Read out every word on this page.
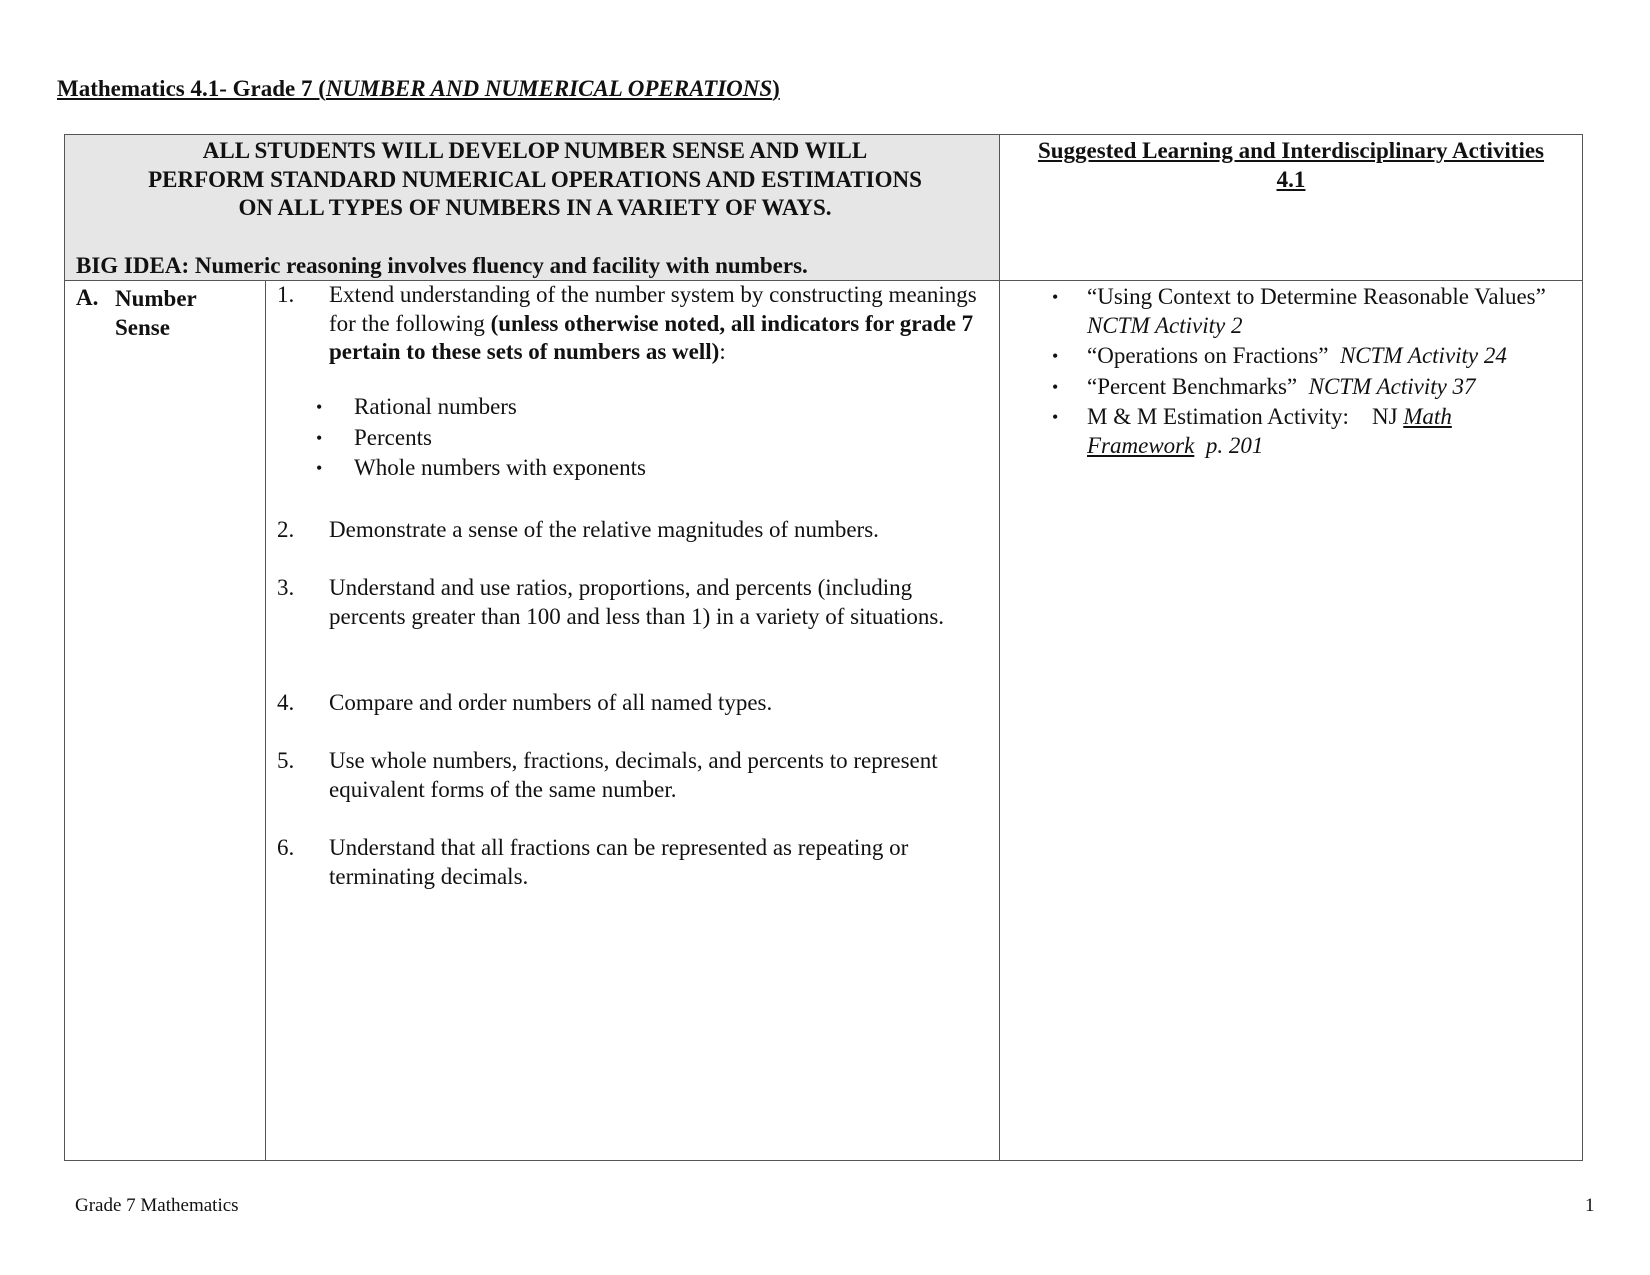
Mathematics 4.1- Grade 7 (NUMBER AND NUMERICAL OPERATIONS)
ALL STUDENTS WILL DEVELOP NUMBER SENSE AND WILL
PERFORM STANDARD NUMERICAL OPERATIONS AND ESTIMATIONS
ON ALL TYPES OF NUMBERS IN A VARIETY OF WAYS.
BIG IDEA: Numeric reasoning involves fluency and facility with numbers.
Suggested Learning and Interdisciplinary Activities
4.1
A. Number Sense
1. Extend understanding of the number system by constructing meanings for the following (unless otherwise noted, all indicators for grade 7 pertain to these sets of numbers as well):
• Rational numbers
• Percents
• Whole numbers with exponents
2. Demonstrate a sense of the relative magnitudes of numbers.
3. Understand and use ratios, proportions, and percents (including percents greater than 100 and less than 1) in a variety of situations.
4. Compare and order numbers of all named types.
5. Use whole numbers, fractions, decimals, and percents to represent equivalent forms of the same number.
6. Understand that all fractions can be represented as repeating or terminating decimals.
• “Using Context to Determine Reasonable Values”  NCTM Activity 2
• “Operations on Fractions” NCTM Activity 24
• “Percent Benchmarks” NCTM Activity 37
• M & M Estimation Activity: NJ Math Framework p. 201
Grade 7 Mathematics	1
